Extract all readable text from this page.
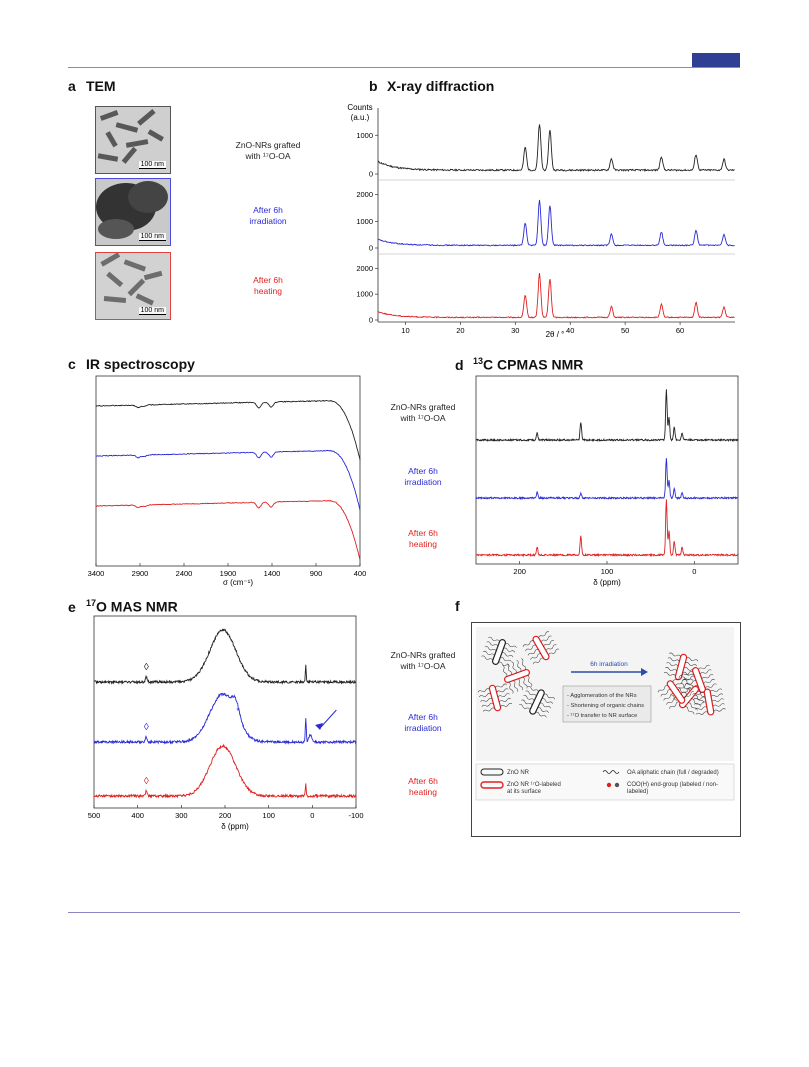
a TEM	b X-ray diffraction
c IR spectroscopy	d $^{13}$C CPMAS NMR
e $^{17}$O MAS NMR	f
100 nm
100 nm
100 nm
ZnO-NRs grafted
with ¹⁷O-OA
After 6h
irradiation
After 6h
heating
Counts
(a.u.)
10	20	30	40	50	60
0
1000
0
1000
2000
0
1000
2000
2θ / °
3400	2900	2400	1900	1400	900	400
σ (cm⁻¹)
ZnO-NRs grafted
with ¹⁷O-OA
After 6h
irradiation
After 6h
heating
200	100	0
δ (ppm)
500	400	300	200	100	0	-100
◊
◊
◊
*
δ (ppm)
ZnO-NRs grafted
with ¹⁷O-OA
After 6h
irradiation
After 6h
heating
6h irradiation
- Agglomeration of the NRs
- Shortening of organic chains
- ¹⁷O transfer to NR surface
ZnO NR
ZnO NR ¹⁷O-labeled at its surface
OA aliphatic chain (full / degraded)
COO(H) end-group (labeled / non-labeled)
